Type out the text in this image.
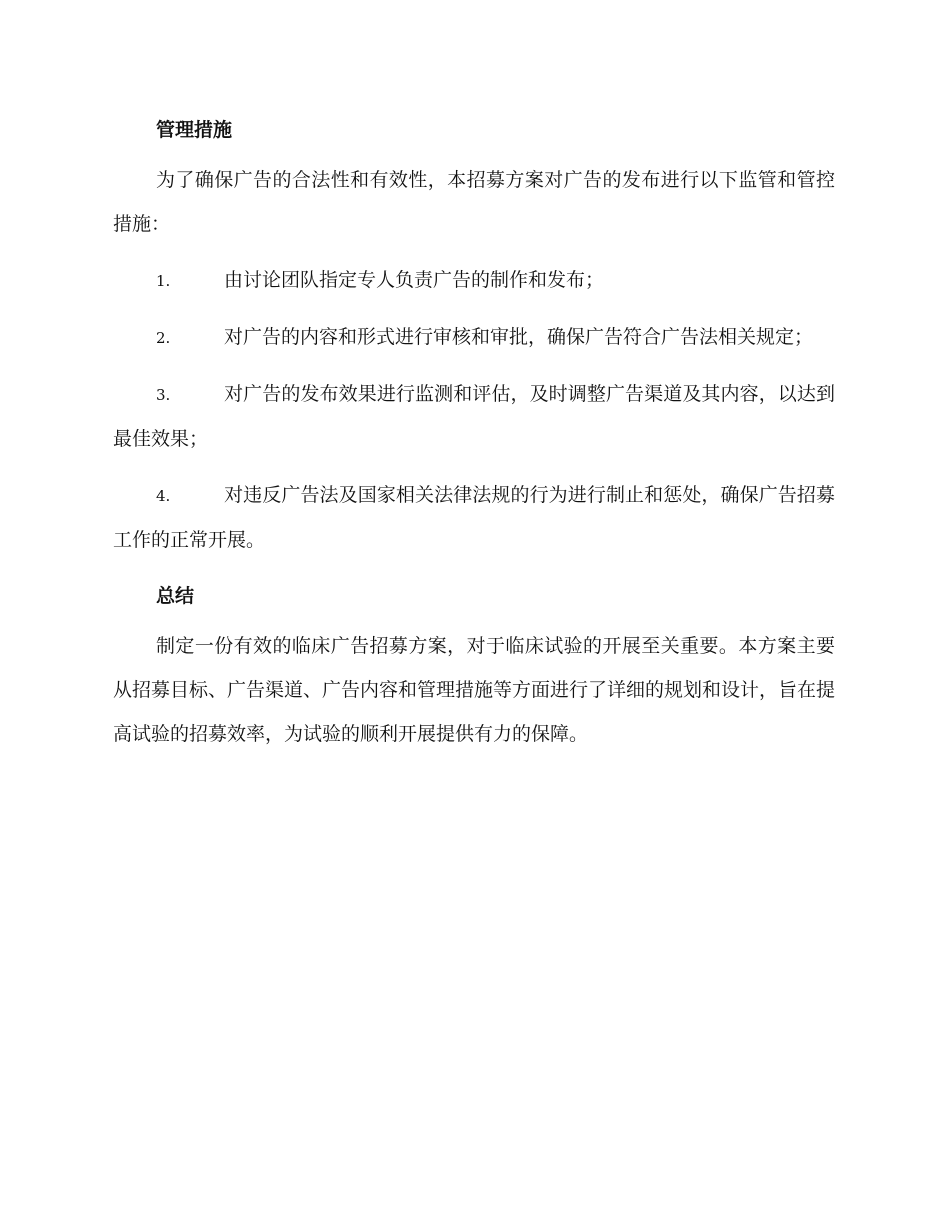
管理措施

为了确保广告的合法性和有效性，本招募方案对广告的发布进行以下监管和管控措施：

1.	由讨论团队指定专人负责广告的制作和发布；

2.	对广告的内容和形式进行审核和审批，确保广告符合广告法相关规定；

3.	对广告的发布效果进行监测和评估，及时调整广告渠道及其内容，以达到最佳效果；

4.	对违反广告法及国家相关法律法规的行为进行制止和惩处，确保广告招募工作的正常开展。

总结

制定一份有效的临床广告招募方案，对于临床试验的开展至关重要。本方案主要从招募目标、广告渠道、广告内容和管理措施等方面进行了详细的规划和设计，旨在提高试验的招募效率，为试验的顺利开展提供有力的保障。
